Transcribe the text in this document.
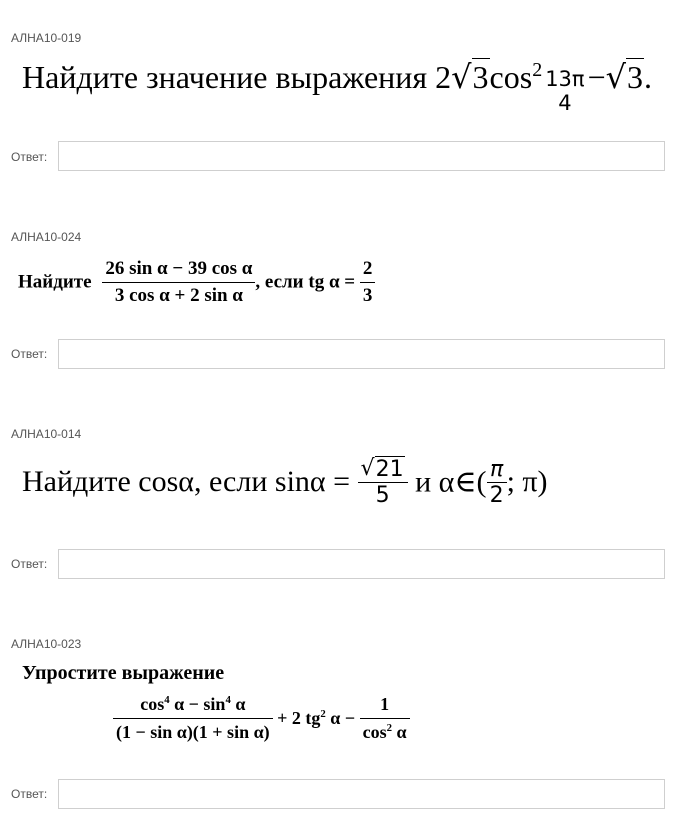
АЛНА10-019
Найдите значение выражения 2 √ 3 $\cos^2 13\pi$
4
− √ 3 .
Ответ:
АЛНА10-024
Найдите $\frac{\text{26 sin α − 39 cos α}}{\text{3 cos α + 2 sin α}}$ , если tg $\alpha = \frac{2}{3}$
Ответ:
АЛНА10-014
Найдите cosα, если $\sin\alpha = \frac{√ 21}{5}$ и α∈( $\frac{\pi}{2}$ ; π)
Ответ:
АЛНА10-023
Упростите выражение
$\frac{\cos^4 \alpha - \sin^4 \alpha}{\text{(1 − sin α)(1 + sin α)}} + 2$ $tg^2$ $\alpha - \frac{1}{\cos^2 \alpha}$
Ответ:
